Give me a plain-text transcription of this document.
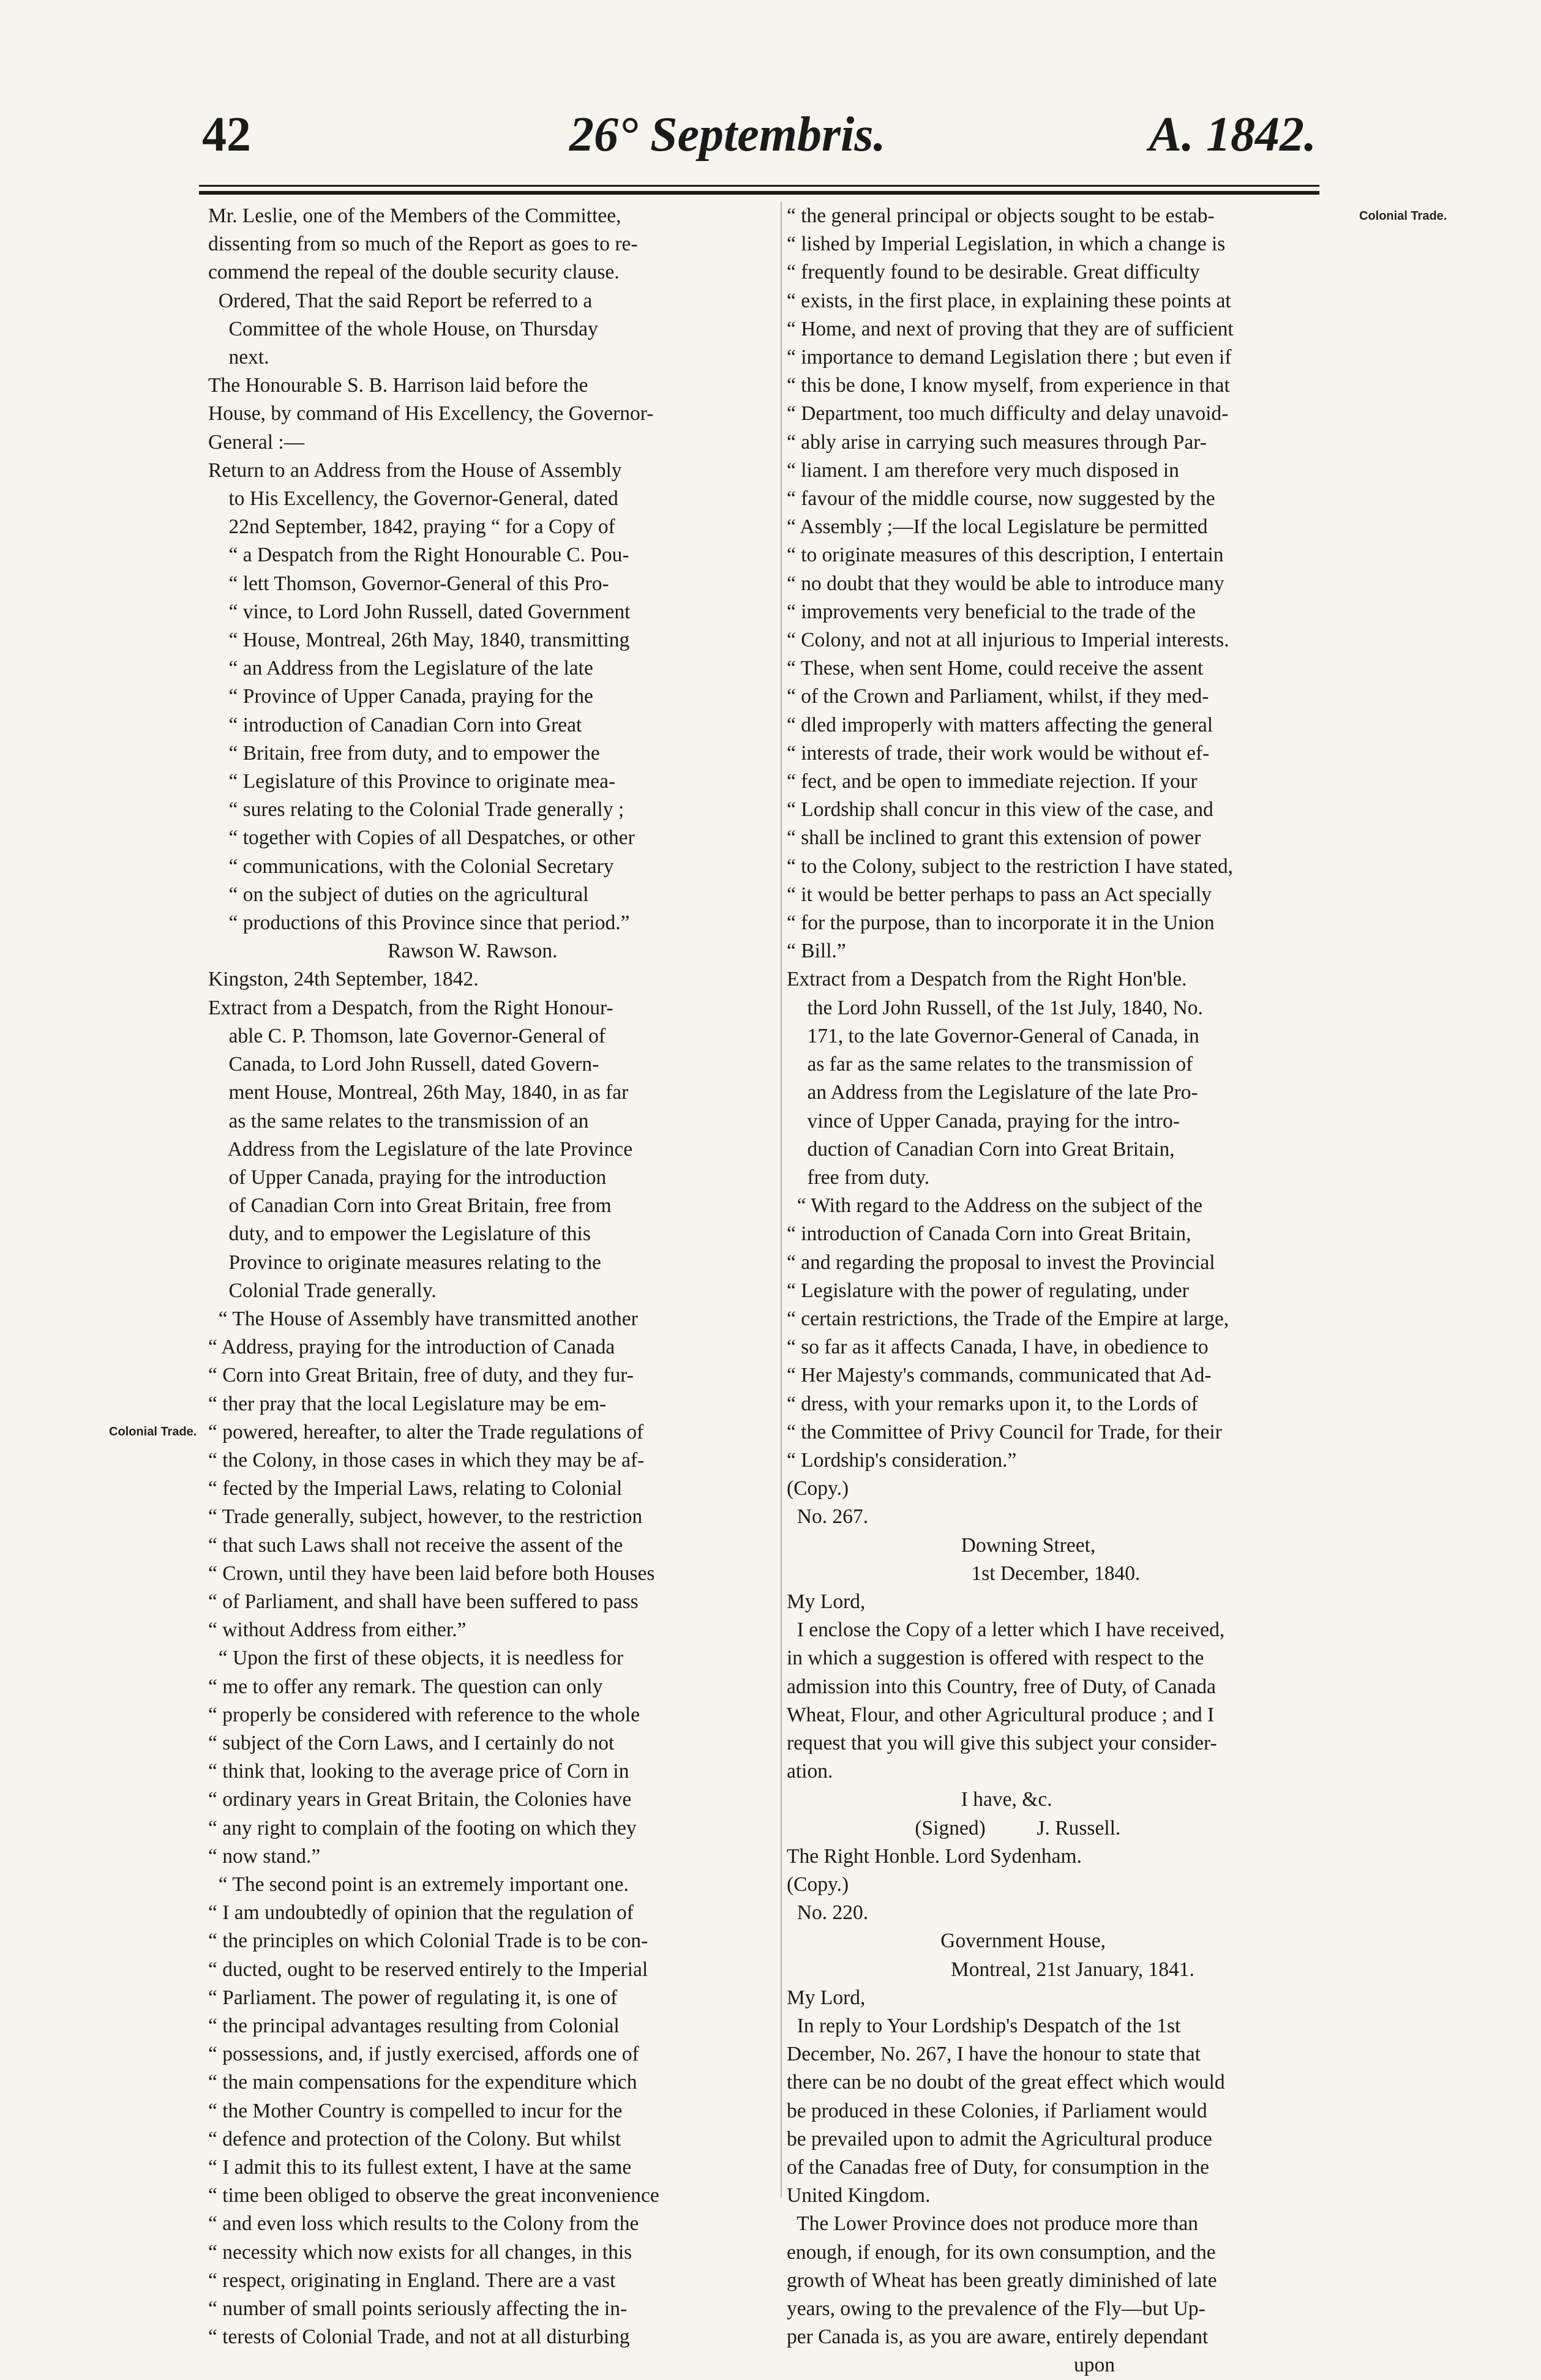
42	26° Septembris.	A. 1842.
Colonial Trade.
Colonial Trade.

Mr. Leslie, one of the Members of the Committee,

dissenting from so much of the Report as goes to re-

commend the repeal of the double security clause.

Ordered, That the said Report be referred to a

Committee of the whole House, on Thursday

next.

The Honourable S. B. Harrison laid before the

House, by command of His Excellency, the Governor-

General :—

Return to an Address from the House of Assembly

to His Excellency, the Governor-General, dated

22nd September, 1842, praying “ for a Copy of

“ a Despatch from the Right Honourable C. Pou-

“ lett Thomson, Governor-General of this Pro-

“ vince, to Lord John Russell, dated Government

“ House, Montreal, 26th May, 1840, transmitting

“ an Address from the Legislature of the late

“ Province of Upper Canada, praying for the

“ introduction of Canadian Corn into Great

“ Britain, free from duty, and to empower the

“ Legislature of this Province to originate mea-

“ sures relating to the Colonial Trade generally ;

“ together with Copies of all Despatches, or other

“ communications, with the Colonial Secretary

“ on the subject of duties on the agricultural

“ productions of this Province since that period.”

Rawson W. Rawson.

Kingston, 24th September, 1842.

Extract from a Despatch, from the Right Honour-

able C. P. Thomson, late Governor-General of

Canada, to Lord John Russell, dated Govern-

ment House, Montreal, 26th May, 1840, in as far

as the same relates to the transmission of an

Address from the Legislature of the late Province

of Upper Canada, praying for the introduction

of Canadian Corn into Great Britain, free from

duty, and to empower the Legislature of this

Province to originate measures relating to the

Colonial Trade generally.

“ The House of Assembly have transmitted another

“ Address, praying for the introduction of Canada

“ Corn into Great Britain, free of duty, and they fur-

“ ther pray that the local Legislature may be em-

“ powered, hereafter, to alter the Trade regulations of

“ the Colony, in those cases in which they may be af-

“ fected by the Imperial Laws, relating to Colonial

“ Trade generally, subject, however, to the restriction

“ that such Laws shall not receive the assent of the

“ Crown, until they have been laid before both Houses

“ of Parliament, and shall have been suffered to pass

“ without Address from either.”

“ Upon the first of these objects, it is needless for

“ me to offer any remark. The question can only

“ properly be considered with reference to the whole

“ subject of the Corn Laws, and I certainly do not

“ think that, looking to the average price of Corn in

“ ordinary years in Great Britain, the Colonies have

“ any right to complain of the footing on which they

“ now stand.”

“ The second point is an extremely important one.

“ I am undoubtedly of opinion that the regulation of

“ the principles on which Colonial Trade is to be con-

“ ducted, ought to be reserved entirely to the Imperial

“ Parliament. The power of regulating it, is one of

“ the principal advantages resulting from Colonial

“ possessions, and, if justly exercised, affords one of

“ the main compensations for the expenditure which

“ the Mother Country is compelled to incur for the

“ defence and protection of the Colony. But whilst

“ I admit this to its fullest extent, I have at the same

“ time been obliged to observe the great inconvenience

“ and even loss which results to the Colony from the

“ necessity which now exists for all changes, in this

“ respect, originating in England. There are a vast

“ number of small points seriously affecting the in-

“ terests of Colonial Trade, and not at all disturbing

“ the general principal or objects sought to be estab-

“ lished by Imperial Legislation, in which a change is

“ frequently found to be desirable. Great difficulty

“ exists, in the first place, in explaining these points at

“ Home, and next of proving that they are of sufficient

“ importance to demand Legislation there ; but even if

“ this be done, I know myself, from experience in that

“ Department, too much difficulty and delay unavoid-

“ ably arise in carrying such measures through Par-

“ liament. I am therefore very much disposed in

“ favour of the middle course, now suggested by the

“ Assembly ;—If the local Legislature be permitted

“ to originate measures of this description, I entertain

“ no doubt that they would be able to introduce many

“ improvements very beneficial to the trade of the

“ Colony, and not at all injurious to Imperial interests.

“ These, when sent Home, could receive the assent

“ of the Crown and Parliament, whilst, if they med-

“ dled improperly with matters affecting the general

“ interests of trade, their work would be without ef-

“ fect, and be open to immediate rejection. If your

“ Lordship shall concur in this view of the case, and

“ shall be inclined to grant this extension of power

“ to the Colony, subject to the restriction I have stated,

“ it would be better perhaps to pass an Act specially

“ for the purpose, than to incorporate it in the Union

“ Bill.”

Extract from a Despatch from the Right Hon'ble.

the Lord John Russell, of the 1st July, 1840, No.

171, to the late Governor-General of Canada, in

as far as the same relates to the transmission of

an Address from the Legislature of the late Pro-

vince of Upper Canada, praying for the intro-

duction of Canadian Corn into Great Britain,

free from duty.

“ With regard to the Address on the subject of the

“ introduction of Canada Corn into Great Britain,

“ and regarding the proposal to invest the Provincial

“ Legislature with the power of regulating, under

“ certain restrictions, the Trade of the Empire at large,

“ so far as it affects Canada, I have, in obedience to

“ Her Majesty's commands, communicated that Ad-

“ dress, with your remarks upon it, to the Lords of

“ the Committee of Privy Council for Trade, for their

“ Lordship's consideration.”

(Copy.)

No. 267.

Downing Street,

1st December, 1840.

My Lord,

I enclose the Copy of a letter which I have received,

in which a suggestion is offered with respect to the

admission into this Country, free of Duty, of Canada

Wheat, Flour, and other Agricultural produce ; and I

request that you will give this subject your consider-

ation.

I have, &c.

(Signed)          J. Russell.

The Right Honble. Lord Sydenham.

(Copy.)

No. 220.

Government House,

Montreal, 21st January, 1841.

My Lord,

In reply to Your Lordship's Despatch of the 1st

December, No. 267, I have the honour to state that

there can be no doubt of the great effect which would

be produced in these Colonies, if Parliament would

be prevailed upon to admit the Agricultural produce

of the Canadas free of Duty, for consumption in the

United Kingdom.

The Lower Province does not produce more than

enough, if enough, for its own consumption, and the

growth of Wheat has been greatly diminished of late

years, owing to the prevalence of the Fly—but Up-

per Canada is, as you are aware, entirely dependant

upon
